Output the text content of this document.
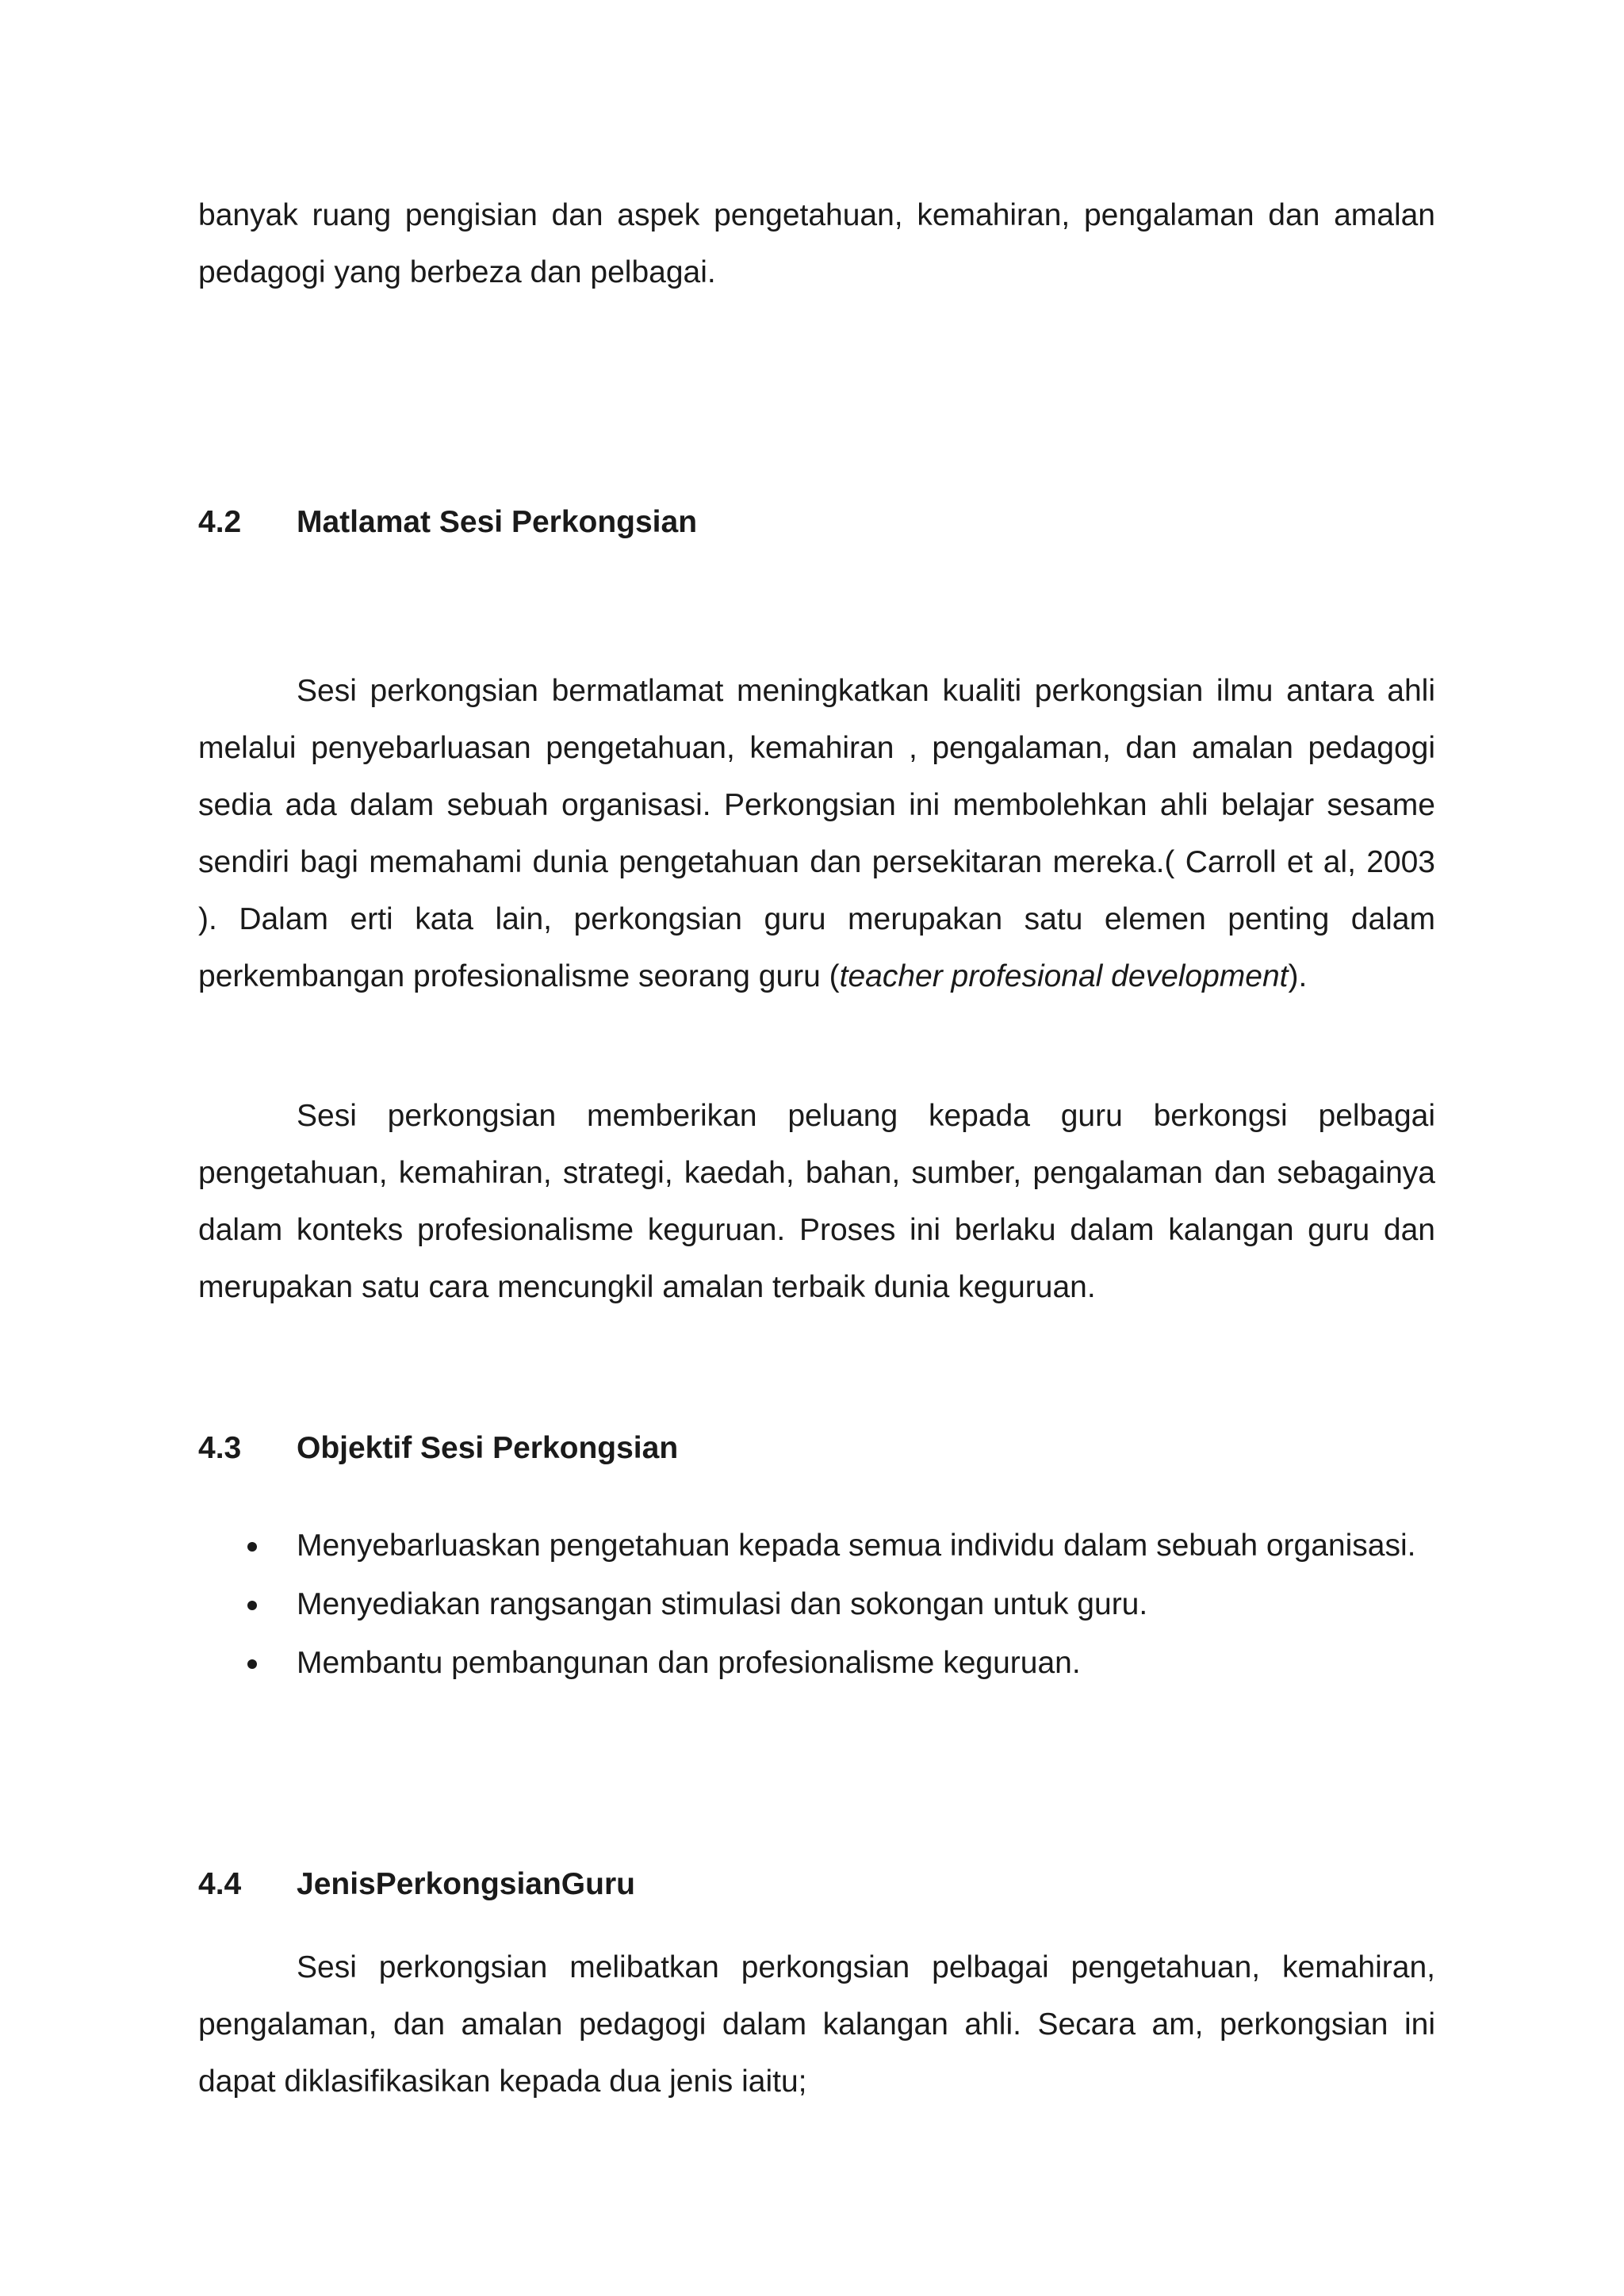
banyak ruang pengisian dan aspek pengetahuan, kemahiran, pengalaman dan amalan pedagogi yang berbeza dan pelbagai.

4.2 Matlamat Sesi Perkongsian

Sesi perkongsian bermatlamat meningkatkan kualiti perkongsian ilmu antara ahli melalui penyebarluasan pengetahuan, kemahiran , pengalaman, dan amalan pedagogi sedia ada dalam sebuah organisasi. Perkongsian ini membolehkan ahli belajar sesame sendiri bagi memahami dunia pengetahuan dan persekitaran mereka.( Carroll et al, 2003 ). Dalam erti kata lain, perkongsian guru merupakan satu elemen penting dalam perkembangan profesionalisme seorang guru (teacher profesional development).

Sesi perkongsian memberikan peluang kepada guru berkongsi pelbagai pengetahuan, kemahiran, strategi, kaedah, bahan, sumber, pengalaman dan sebagainya dalam konteks profesionalisme keguruan. Proses ini berlaku dalam kalangan guru dan merupakan satu cara mencungkil amalan terbaik dunia keguruan.

4.3 Objektif Sesi Perkongsian
Menyebarluaskan pengetahuan kepada semua individu dalam sebuah organisasi.
Menyediakan rangsangan stimulasi dan sokongan untuk guru.
Membantu pembangunan dan profesionalisme keguruan.
4.4 JenisPerkongsianGuru

Sesi perkongsian melibatkan perkongsian pelbagai pengetahuan, kemahiran, pengalaman, dan amalan pedagogi dalam kalangan ahli. Secara am, perkongsian ini dapat diklasifikasikan kepada dua jenis iaitu;
